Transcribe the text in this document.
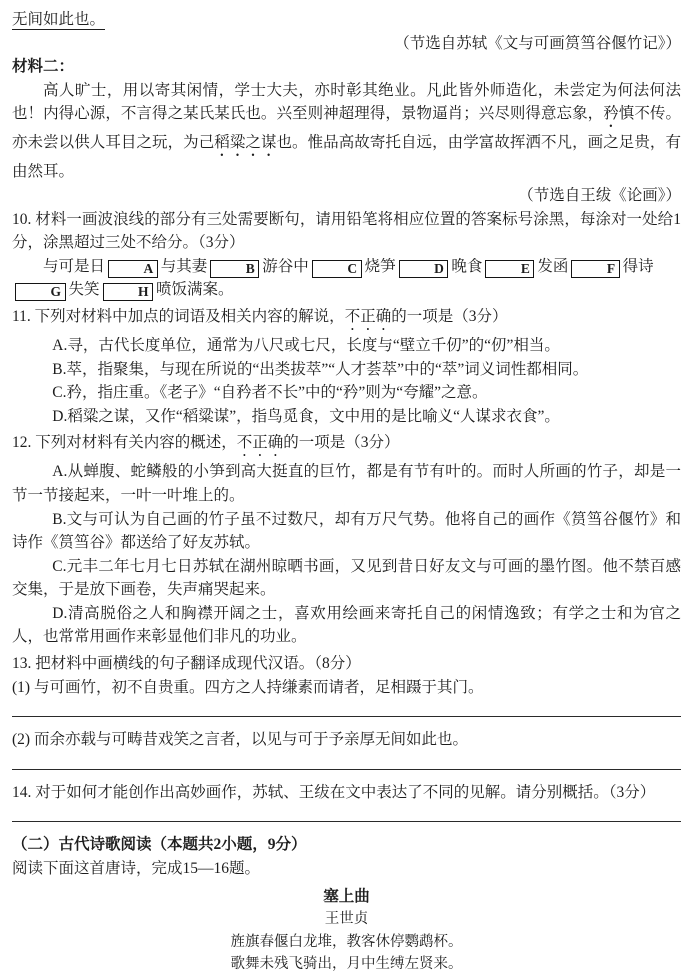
无间如此也。

（节选自苏轼《文与可画筼筜谷偃竹记》）

材料二：

高人旷士，用以寄其闲情，学士大夫，亦时彰其绝业。凡此皆外师造化，未尝定为何法何法也！内得心源，不言得之某氏某氏也。兴至则神超理得，景物逼肖；兴尽则得意忘象，矜慎不传。亦未尝以供人耳目之玩，为己稻粱之谋也。惟品高故寄托自远，由学富故挥洒不凡，画之足贵，有由然耳。

（节选自王绂《论画》）

10. 材料一画波浪线的部分有三处需要断句，请用铅笔将相应位置的答案标号涂黑，每涂对一处给1分，涂黑超过三处不给分。（3分）

与可是日	A 与其妻	B 游谷中	C 烧笋	D 晚食	E 发函	F 得诗G 失笑	H 喷饭满案。

11. 下列对材料中加点的词语及相关内容的解说，不正确的一项是（3分）

A.寻，古代长度单位，通常为八尺或七尺，长度与“壁立千仞”的“仞”相当。

B.萃，指聚集，与现在所说的“出类拔萃”“人才荟萃”中的“萃”词义词性都相同。

C.矜，指庄重。《老子》“自矜者不长”中的“矜”则为“夸耀”之意。

D.稻粱之谋，又作“稻粱谋”，指鸟觅食，文中用的是比喻义“人谋求衣食”。

12. 下列对材料有关内容的概述，不正确的一项是（3分）

A.从蝉腹、蛇鳞般的小笋到高大挺直的巨竹，都是有节有叶的。而时人所画的竹子，却是一节一节接起来，一叶一叶堆上的。

B.文与可认为自己画的竹子虽不过数尺，却有万尺气势。他将自己的画作《筼筜谷偃竹》和诗作《筼筜谷》都送给了好友苏轼。

C.元丰二年七月七日苏轼在湖州晾晒书画，又见到昔日好友文与可画的墨竹图。他不禁百感交集，于是放下画卷，失声痛哭起来。

D.清高脱俗之人和胸襟开阔之士，喜欢用绘画来寄托自己的闲情逸致；有学之士和为官之人，也常常用画作来彰显他们非凡的功业。

13. 把材料中画横线的句子翻译成现代汉语。（8分）

(1) 与可画竹，初不自贵重。四方之人持缣素而请者，足相蹑于其门。

(2) 而余亦载与可畴昔戏笑之言者，以见与可于予亲厚无间如此也。

14. 对于如何才能创作出高妙画作，苏轼、王绂在文中表达了不同的见解。请分别概括。（3分）

（二）古代诗歌阅读（本题共2小题，9分）

阅读下面这首唐诗，完成15—16题。

塞上曲

王世贞

旌旗春偃白龙堆，教客休停鹦鹉杯。

歌舞未残飞骑出，月中生缚左贤来。
